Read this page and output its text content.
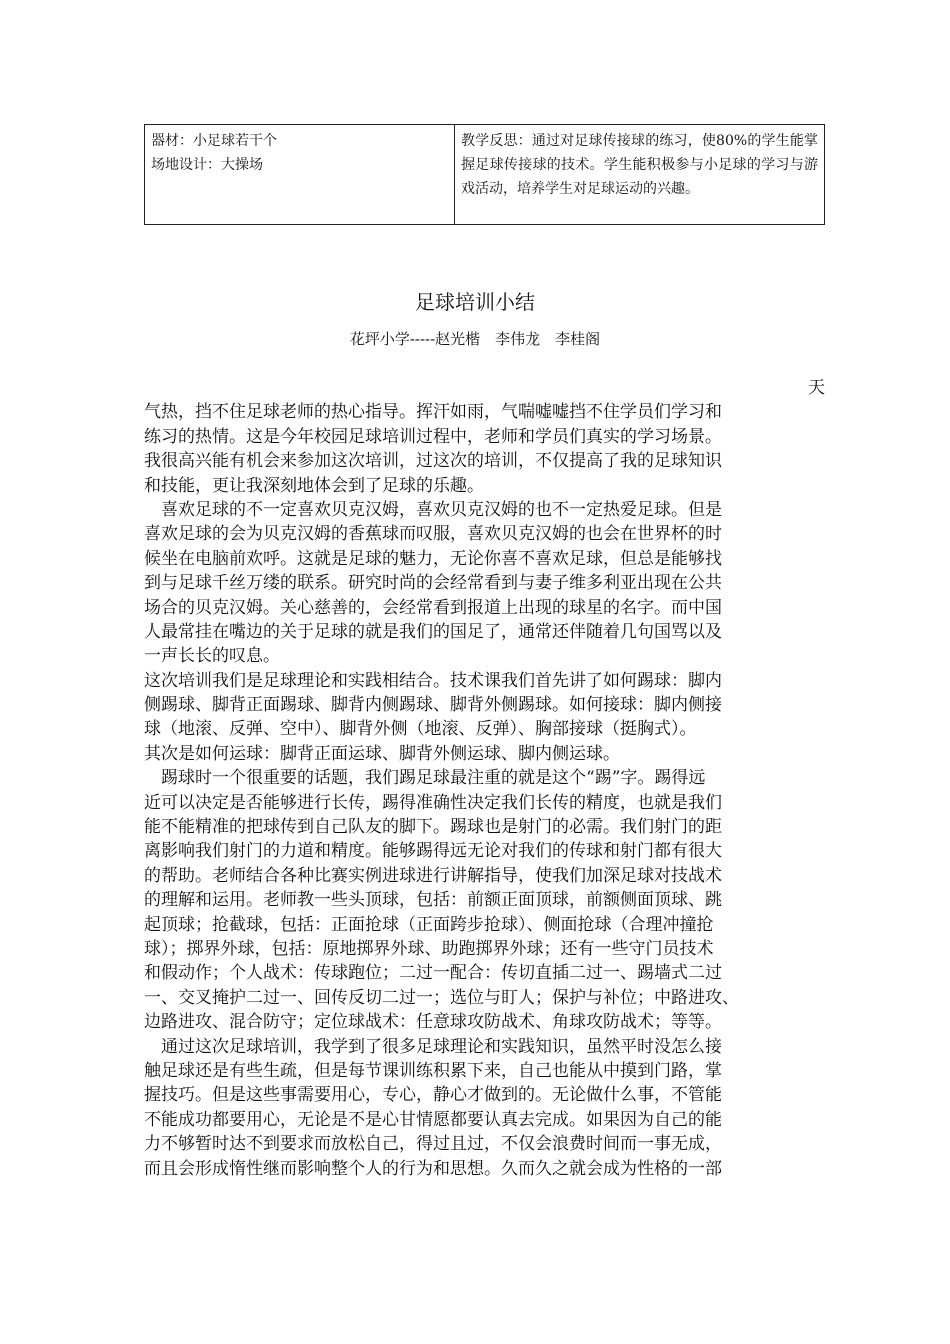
器材：小足球若干个
场地设计：大操场
教学反思：通过对足球传接球的练习，使80%的学生能掌握足球传接球的技术。学生能积极参与小足球的学习与游戏活动，培养学生对足球运动的兴趣。
足球培训小结
花坪小学-----赵光楷　李伟龙　李桂阁
天
气热，挡不住足球老师的热心指导。挥汗如雨，气喘嘘嘘挡不住学员们学习和
练习的热情。这是今年校园足球培训过程中，老师和学员们真实的学习场景。
我很高兴能有机会来参加这次培训，过这次的培训，不仅提高了我的足球知识
和技能，更让我深刻地体会到了足球的乐趣。
　喜欢足球的不一定喜欢贝克汉姆，喜欢贝克汉姆的也不一定热爱足球。但是
喜欢足球的会为贝克汉姆的香蕉球而叹服，喜欢贝克汉姆的也会在世界杯的时
候坐在电脑前欢呼。这就是足球的魅力，无论你喜不喜欢足球，但总是能够找
到与足球千丝万缕的联系。研究时尚的会经常看到与妻子维多利亚出现在公共
场合的贝克汉姆。关心慈善的，会经常看到报道上出现的球星的名字。而中国
人最常挂在嘴边的关于足球的就是我们的国足了，通常还伴随着几句国骂以及
一声长长的叹息。
这次培训我们是足球理论和实践相结合。技术课我们首先讲了如何踢球：脚内
侧踢球、脚背正面踢球、脚背内侧踢球、脚背外侧踢球。如何接球：脚内侧接
球（地滚、反弹、空中）、脚背外侧（地滚、反弹）、胸部接球（挺胸式）。
其次是如何运球：脚背正面运球、脚背外侧运球、脚内侧运球。
　踢球时一个很重要的话题，我们踢足球最注重的就是这个“踢”字。踢得远
近可以决定是否能够进行长传，踢得准确性决定我们长传的精度，也就是我们
能不能精准的把球传到自己队友的脚下。踢球也是射门的必需。我们射门的距
离影响我们射门的力道和精度。能够踢得远无论对我们的传球和射门都有很大
的帮助。老师结合各种比赛实例进球进行讲解指导，使我们加深足球对技战术
的理解和运用。老师教一些头顶球，包括：前额正面顶球，前额侧面顶球、跳
起顶球；抢截球，包括：正面抢球（正面跨步抢球）、侧面抢球（合理冲撞抢
球）；掷界外球，包括：原地掷界外球、助跑掷界外球；还有一些守门员技术
和假动作；个人战术：传球跑位；二过一配合：传切直插二过一、踢墙式二过
一、交叉掩护二过一、回传反切二过一；选位与盯人；保护与补位；中路进攻、
边路进攻、混合防守；定位球战术：任意球攻防战术、角球攻防战术；等等。
　通过这次足球培训，我学到了很多足球理论和实践知识，虽然平时没怎么接
触足球还是有些生疏，但是每节课训练积累下来，自己也能从中摸到门路，掌
握技巧。但是这些事需要用心，专心，静心才做到的。无论做什么事，不管能
不能成功都要用心，无论是不是心甘情愿都要认真去完成。如果因为自己的能
力不够暂时达不到要求而放松自己，得过且过，不仅会浪费时间而一事无成，
而且会形成惰性继而影响整个人的行为和思想。久而久之就会成为性格的一部
